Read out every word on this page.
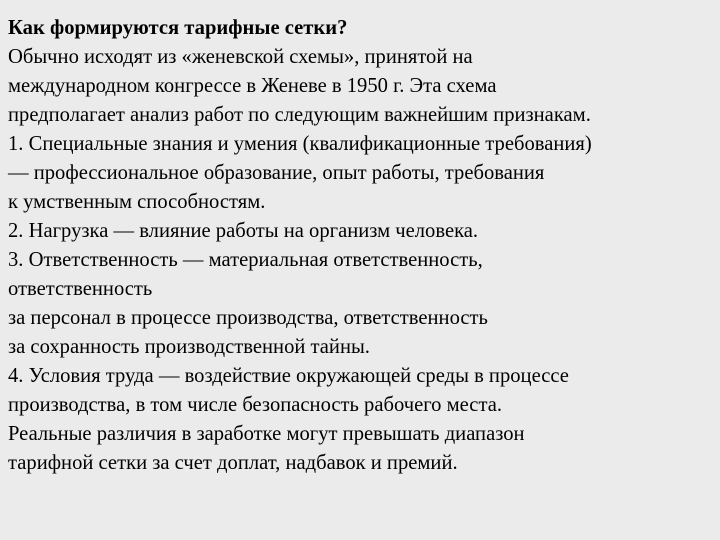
Как формируются тарифные сетки?
Обычно исходят из «женевской схемы», принятой на
международном конгрессе в Женеве в 1950 г. Эта схема
предполагает анализ работ по следующим важнейшим признакам.
1. Специальные знания и умения (квалификационные требования)
— профессиональное образование, опыт работы, требования
к умственным способностям.
2. Нагрузка — влияние работы на организм человека.
3. Ответственность — материальная ответственность,
ответственность
за персонал в процессе производства, ответственность
за сохранность производственной тайны.
4. Условия труда — воздействие окружающей среды в процессе
производства, в том числе безопасность рабочего места.
Реальные различия в заработке могут превышать диапазон
тарифной сетки за счет доплат, надбавок и премий.
